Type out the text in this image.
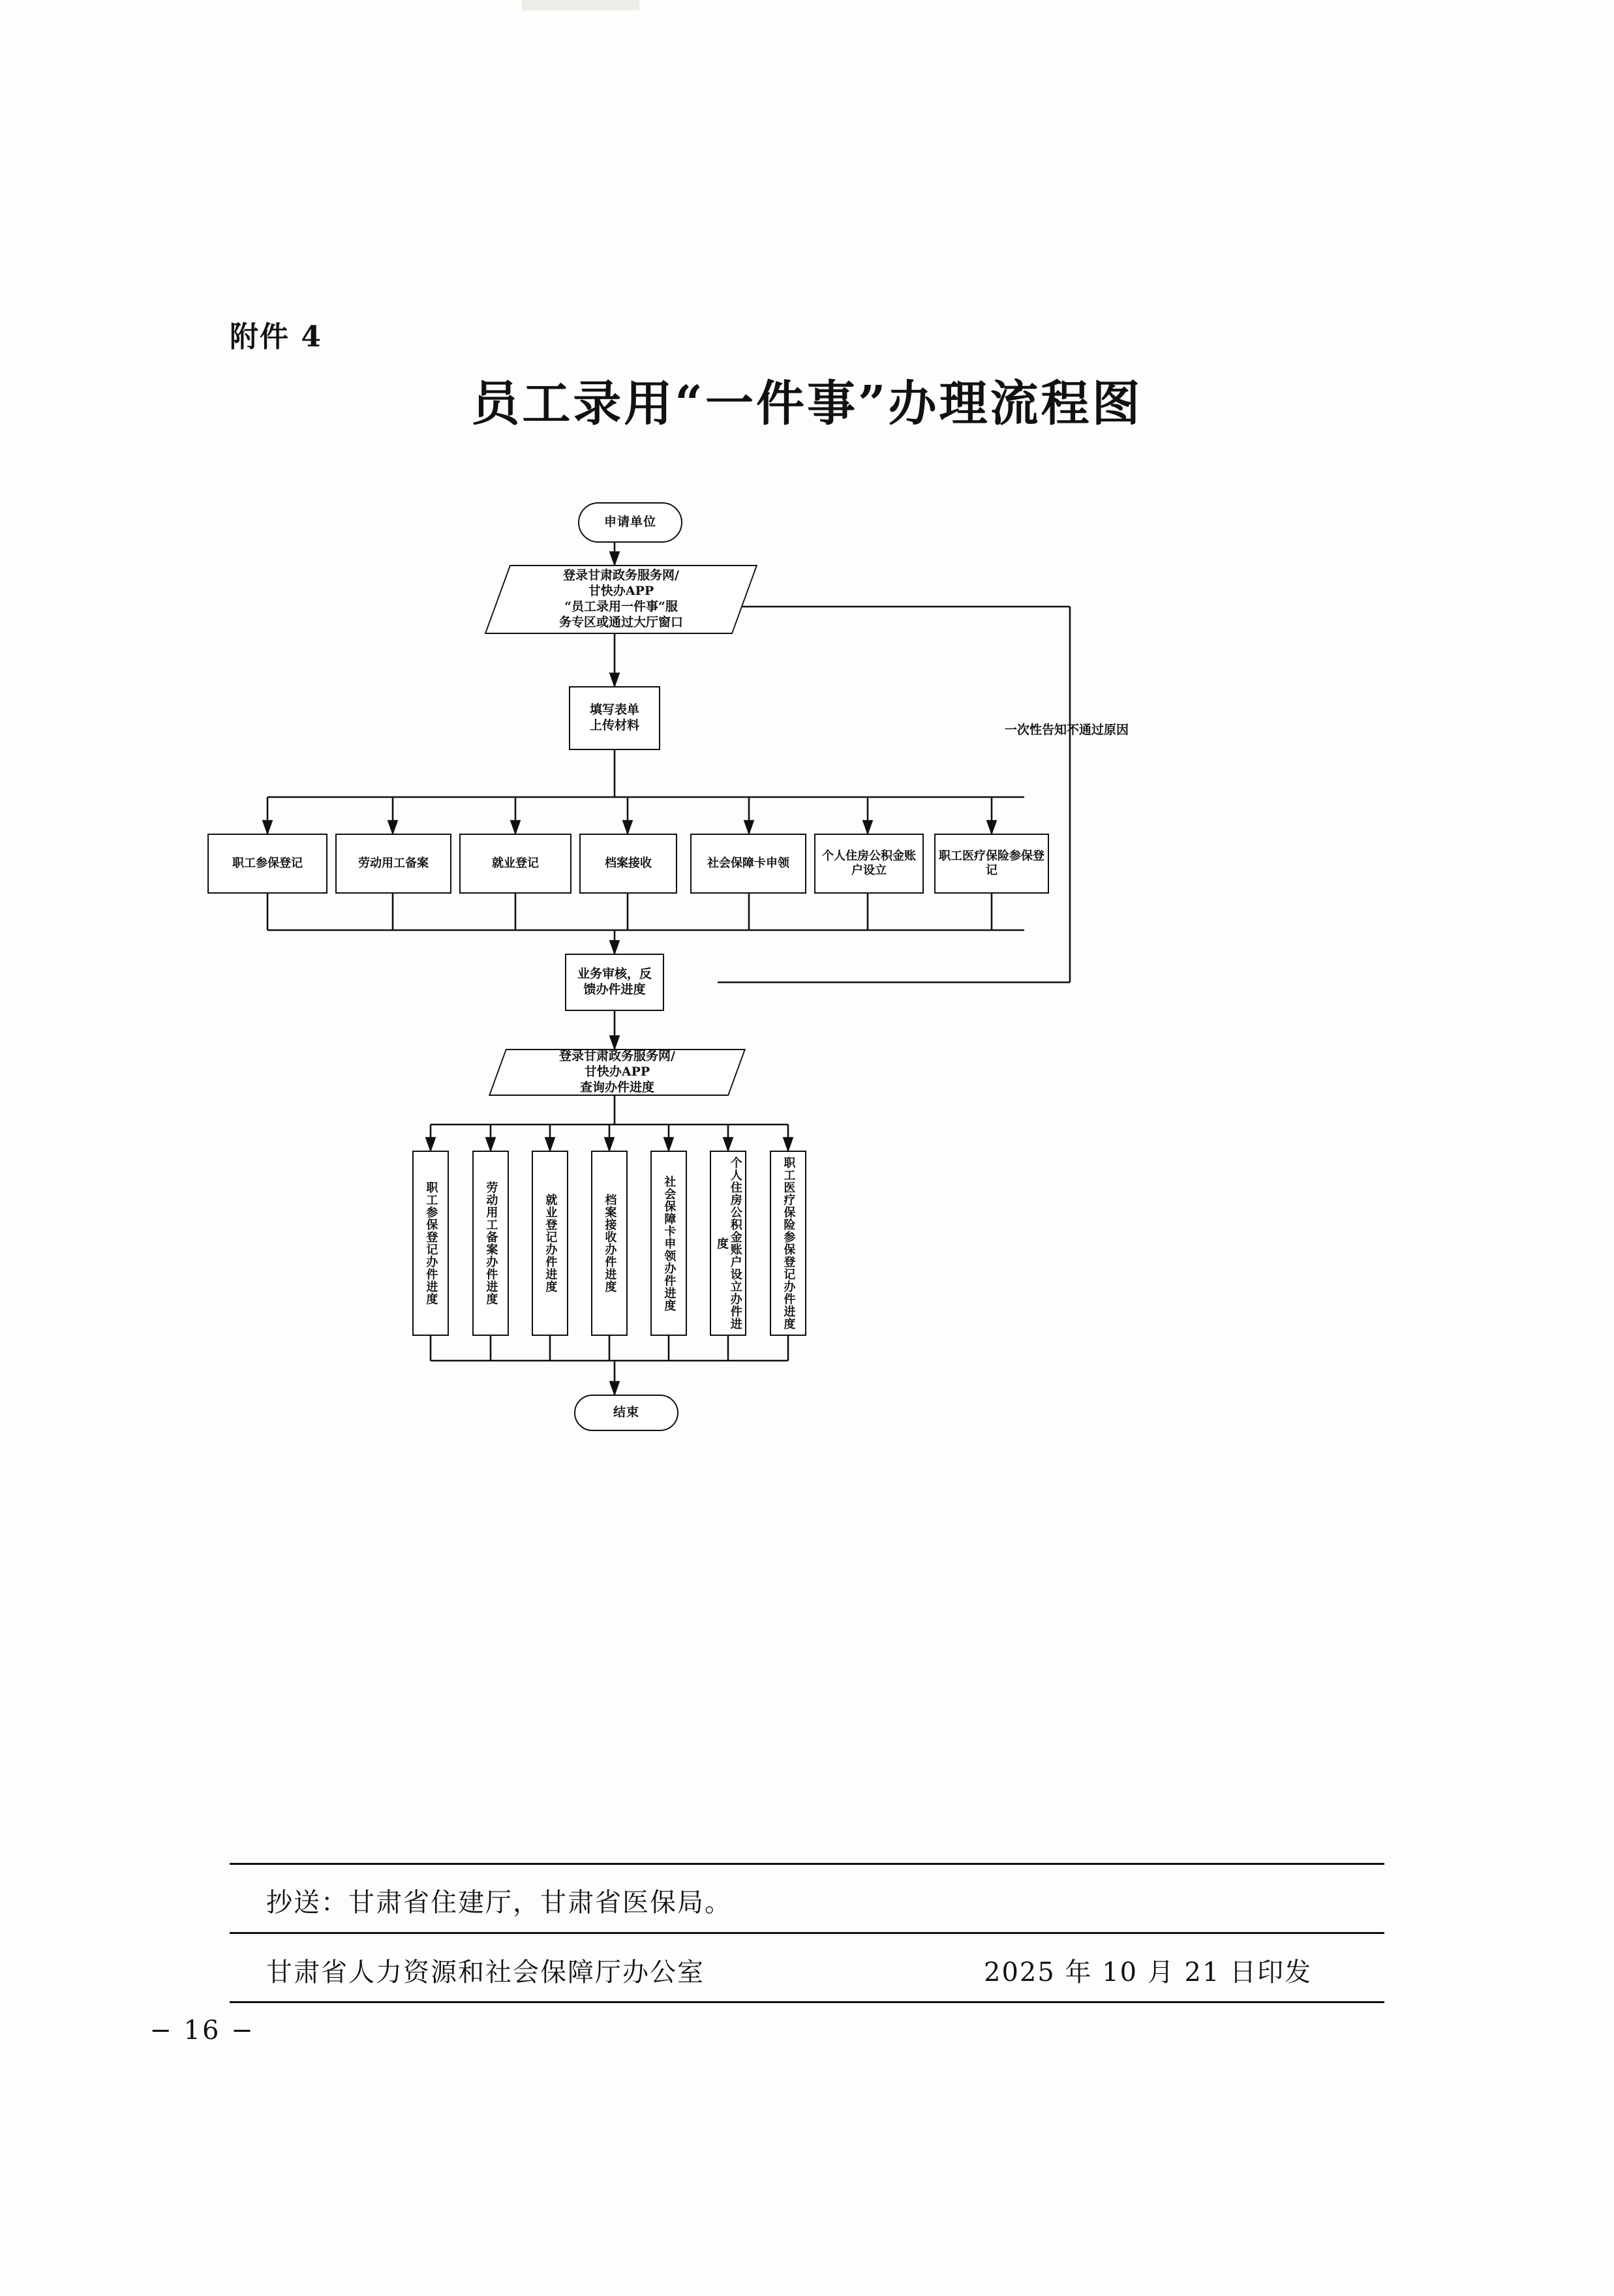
附件 4
员工录用“一件事”办理流程图
申请单位
登录甘肃政务服务网/
甘快办APP
“员工录用一件事”服
务专区或通过大厅窗口
填写表单
上传材料
职工参保登记	劳动用工备案	就业登记	档案接收	社会保障卡申领
个人住房公积金账户设立
职工医疗保险参保登记
一次性告知不通过原因
业务审核，反
馈办件进度
登录甘肃政务服务网/
甘快办APP
查询办件进度
职工参保登记办件进度	劳动用工备案办件进度	就业登记办件进度	档案接收办件进度	社会保障卡申领办件进度	个人住房公积金账户设立办件进度	职工医疗保险参保登记办件进度
结束
抄送：甘肃省住建厅，甘肃省医保局。
甘肃省人力资源和社会保障厅办公室	2025 年 10 月 21 日印发
− 16 −
